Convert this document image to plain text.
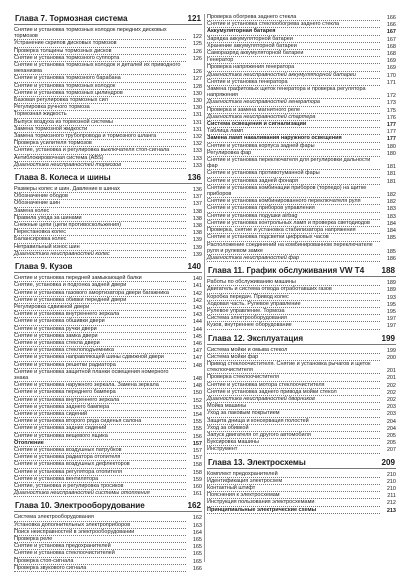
Глава 7. Тормозная система	121
Снятие и установка тормозных колодок передних дисковых тормозов	122
Устранение скрипов дисковых тормозов	125
Проверка толщины тормозных дисков	126
Снятие и установка тормозного суппорта	126
Снятие и установка тормозных колодок и деталей их приводного механизма	126
Снятие и установка тормозного барабана	127
Снятие и установка тормозных колодок	128
Снятие и установка тормозных цилиндров	130
Базовая регулировка тормозных сил	130
Регулировка ручного тормоза	130
Тормозная жидкость	131
Выпуск воздуха из тормозной системы	131
Замена тормозной жидкости	131
Замена тормозного трубопровода и тормозного шланга	132
Проверка усилителя тормозов	132
Снятие, установка и регулировка выключателя стоп-сигнала	133
Антиблокировочная система (ABS)	133
Диагностика неисправностей тормозов	133
Глава 8. Колеса и шины	136
Размеры колес и шин. Давление в шинах	136
Обозначение ободов	137
Обозначение шин	137
Замена колес	138
Правила ухода за шинами	138
Снежные цепи (цепи противоскольжения)	138
Перестановка колес	138
Балансировка колес	139
Нетравильный износ шин	139
Диагностика неисправностей колес	139
Глава 9. Кузов	140
Снятие и установка передней замыкающей балки	140
Снятие, установка и подгонка задней двери	141
Снятие и установка газового амортизатора двери багажника	142
Снятие и установка обивки передней двери	142
Регулировка сдвижной двери	143
Снятие и установка внутреннего зеркала	143
Снятие и установка обшивки двери	144
Снятие и установка ручки двери	144
Снятие и установка замка двери	145
Снятие и установка стекла двери	146
Снятие и установка стеклоподъемника	147
Снятие и установка направляющей шины сдвижной двери	147
Снятие и установка решетки радиатора	148
Снятие и установка защитной планки освещения номерного знака	148
Снятие и установка наружного зеркала. Замена зеркала	148
Снятие и установка переднего бампера	150
Снятие и установка внутреннего зеркала	152
Снятие и установка заднего бампера	153
Снятие и установка сидений	154
Снятие и установка второго ряда сиденья салона	155
Снятие и установка задних сидений	155
Снятие и установка вещевого ящика	156
Отопление	157
Снятие и установка воздушных патрубков	157
Снятие и установка радиатора отопителя	157
Снятие и установка воздушных дефлекторов	158
Снятие и установка регулятора отопителя	158
Снятие и установка вентилятора	159
Снятие, установка и регулировка тросиков	160
Диагностика неисправностей системы отопления	161
Глава 10. Электрооборудование	162
Система электрооборудования	162
Установка дополнительных электроприборов	163
Поиск неисправностей в электрооборудовании	164
Проверка реле	165
Снятие и установка предохранителей	165
Снятие и установка стеклоочистителей	165
Проверка стоп-сигнала	165
Проверка звукового сигнала	166
Проверка обогрева заднего стекла	166
Снятие и установка стеклообогрева заднего стекла	166
Аккумуляторная батарея	167
Зарядка аккумуляторной батареи	167
Хранение аккумуляторной батареи	168
Саморазряд аккумуляторной батареи	168
Генератор	169
Проверка напряжения генератора	169
Диагностика неисправностей аккумуляторной батареи	170
Снятие и установка генератора	171
Замена графитовых щеток генератора и проверка регулятора напряжения	172
Диагностика неисправностей генератора	173
Проверка и замена магнитного реле	175
Диагностика неисправностей стартера	176
Система освещения и сигнализации	177
Таблица ламп	177
Замена ламп накаливания наружного освещения	177
Снятие и установка корпуса задней фары	180
Регулировка фар	180
Снятие и установка переключателя для регулировки дальности фар	181
Снятие и установка противотуманной фары	181
Снятие и установка задней фонаря	181
Снятие и установка комбинации приборов (торпедо) на щитке приборов	182
Снятие и установка комбинированного переключателя руля	182
Снятие и установка приборов управления	183
Снятие и установка подушки airbag	183
Снятие и установка контрольных ламп и проверка светодиодов	184
Проверка, снятие и установка стабилизатора напряжения	184
Снятие и установка подсветки цифровых часов	185
Расположение соединений на комбинированном переключателе руля и рулевом замке	185
Диагностика неисправностей фар	186
Глава 11. График обслуживания VW T4 188
Работы по обслуживанию машины	189
Двигатель и система отвода отработавших газов	189
Коробка передач. Привод колес	193
Ходовая часть. Рулевое управление	195
Рулевое управление. Тормоза	195
Система электрооборудования	197
Кузов, внутреннее оборудование	197
Глава 12. Эксплуатация	199
Система мойки и омыва стекол	199
Система мойки фар	200
Привод стеклоочистителя. Снятие и установка рычагов и щеток стеклоочистителя	201
Проверка стеклоочистителя	201
Снятие и установка мотора стеклоочистителя	202
Снятие и установка заднего привода мойки стекол	202
Диагностика неисправностей дворников	202
Мойка машины	203
Уход за лаковым покрытием	203
Защита днища и консервация полостей	204
Уход за обивкой	204
Запуск двигателя от другого автомобиля	205
Буксировка машины	205
Инструмент	207
Глава 13. Электросхемы	209
Комплект предохранителей	210
Идентификация электросхем	210
Контактный штифт	210
Пояснения к электросхемам	211
Инструкция пользования электросхемами	212
Принципиальные электрические схемы	213
